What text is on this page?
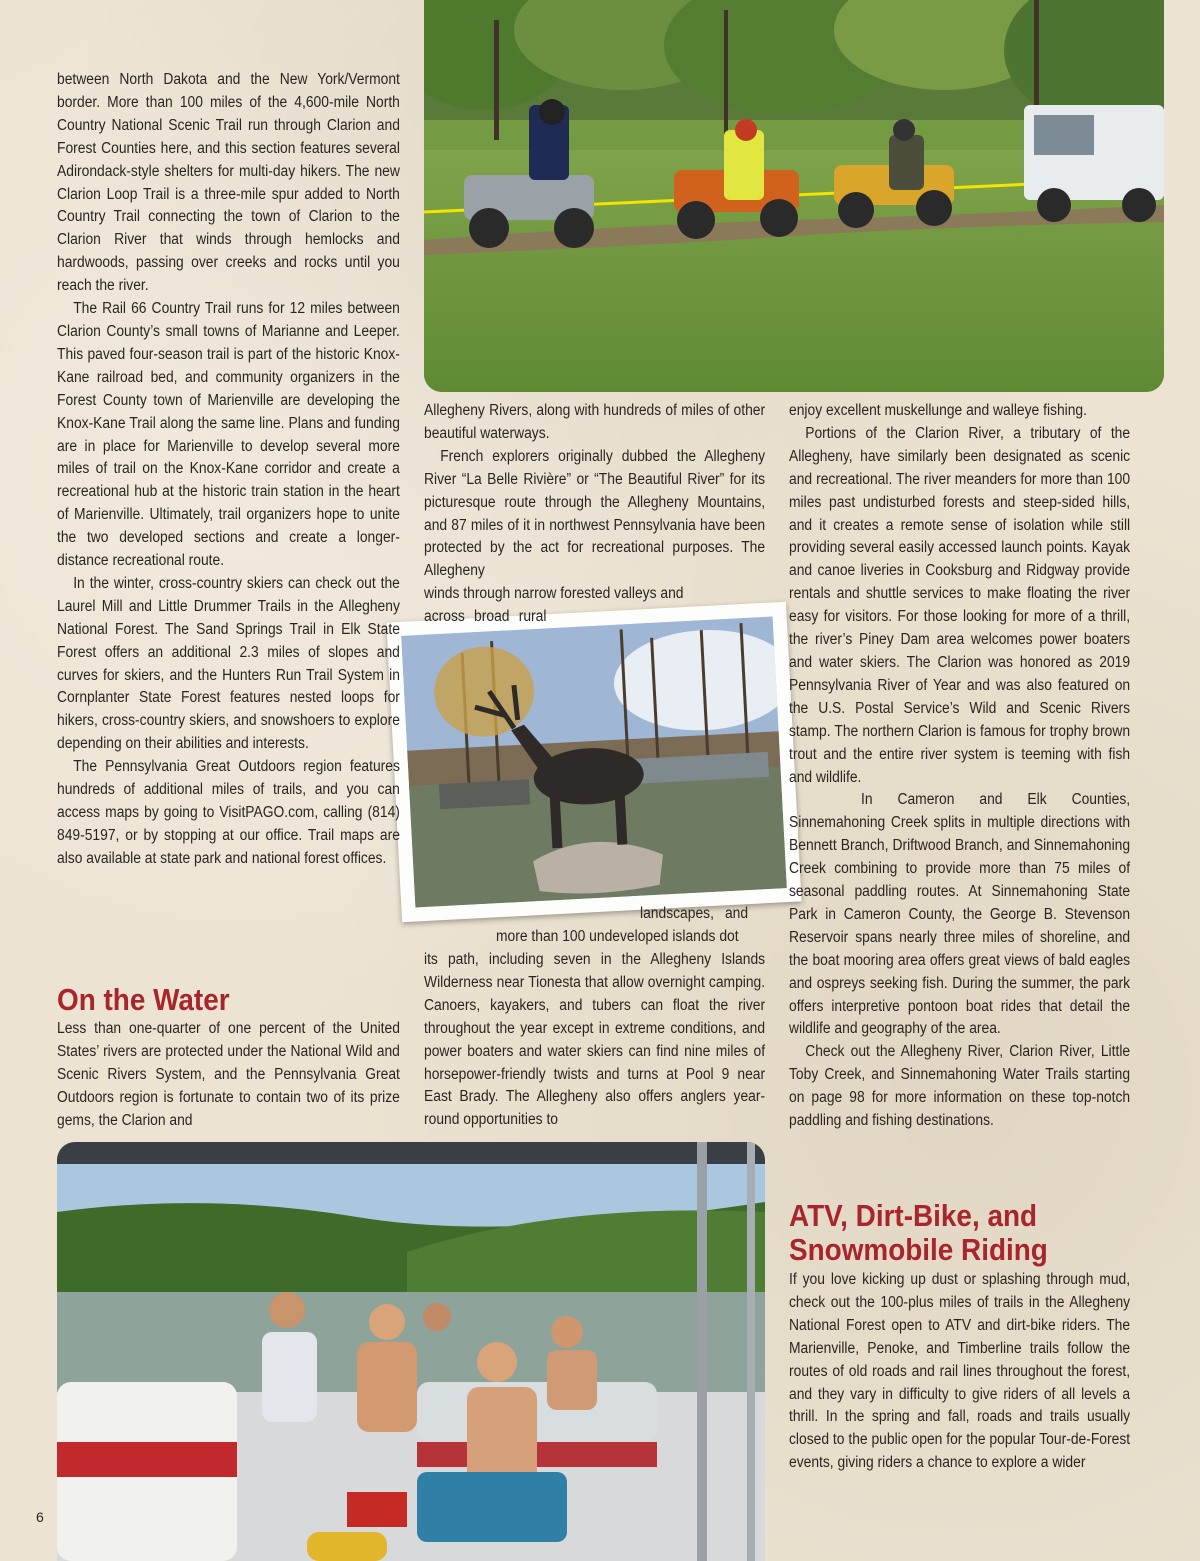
between North Dakota and the New York/Vermont border. More than 100 miles of the 4,600-mile North Country National Scenic Trail run through Clarion and Forest Counties here, and this section features several Adirondack-style shelters for multi-day hikers. The new Clarion Loop Trail is a three-mile spur added to North Country Trail connecting the town of Clarion to the Clarion River that winds through hemlocks and hardwoods, passing over creeks and rocks until you reach the river.

The Rail 66 Country Trail runs for 12 miles between Clarion County’s small towns of Marianne and Leeper. This paved four-season trail is part of the historic Knox-Kane railroad bed, and community organizers in the Forest County town of Marienville are developing the Knox-Kane Trail along the same line. Plans and funding are in place for Marienville to develop several more miles of trail on the Knox-Kane corridor and create a recreational hub at the historic train station in the heart of Marienville. Ultimately, trail organizers hope to unite the two developed sections and create a longer-distance recreational route.

In the winter, cross-country skiers can check out the Laurel Mill and Little Drummer Trails in the Allegheny National Forest. The Sand Springs Trail in Elk State Forest offers an additional 2.3 miles of slopes and curves for skiers, and the Hunters Run Trail System in Cornplanter State Forest features nested loops for hikers, cross-country skiers, and snowshoers to explore depending on their abilities and interests.

The Pennsylvania Great Outdoors region features hundreds of additional miles of trails, and you can access maps by going to VisitPAGO.com, calling (814) 849-5197, or by stopping at our office. Trail maps are also available at state park and national forest offices.

On the Water

Less than one-quarter of one percent of the United States’ rivers are protected under the National Wild and Scenic Rivers System, and the Pennsylvania Great Outdoors region is fortunate to contain two of its prize gems, the Clarion and

Allegheny Rivers, along with hundreds of miles of other beautiful waterways.

French explorers originally dubbed the Allegheny River “La Belle Rivière” or “The Beautiful River” for its picturesque route through the Allegheny Mountains, and 87 miles of it in northwest Pennsylvania have been protected by the act for recreational purposes. The Allegheny

winds through narrow forested valleys and
across broad rural
landscapes, and
more than 100 undeveloped islands dot

its path, including seven in the Allegheny Islands Wilderness near Tionesta that allow overnight camping. Canoers, kayakers, and tubers can float the river throughout the year except in extreme conditions, and power boaters and water skiers can find nine miles of horsepower-friendly twists and turns at Pool 9 near East Brady. The Allegheny also offers anglers year-round opportunities to

enjoy excellent muskellunge and walleye fishing.

Portions of the Clarion River, a tributary of the Allegheny, have similarly been designated as scenic and recreational. The river meanders for more than 100 miles past undisturbed forests and steep-sided hills, and it creates a remote sense of isolation while still providing several easily accessed launch points. Kayak and canoe liveries in Cooksburg and Ridgway provide rentals and shuttle services to make floating the river easy for visitors. For those looking for more of a thrill, the river’s Piney Dam area welcomes power boaters and water skiers. The Clarion was honored as 2019 Pennsylvania River of Year and was also featured on the U.S. Postal Service’s Wild and Scenic Rivers stamp. The northern Clarion is famous for trophy brown trout and the entire river system is teeming with fish and wildlife.

In Cameron and Elk Counties, Sinnemahoning Creek splits in multiple directions with Bennett Branch, Driftwood Branch, and Sinnemahoning Creek combining to provide more than 75 miles of seasonal paddling routes. At Sinnemahoning State Park in Cameron County, the George B. Stevenson Reservoir spans nearly three miles of shoreline, and the boat mooring area offers great views of bald eagles and ospreys seeking fish. During the summer, the park offers interpretive pontoon boat rides that detail the wildlife and geography of the area.

Check out the Allegheny River, Clarion River, Little Toby Creek, and Sinnemahoning Water Trails starting on page 98 for more information on these top-notch paddling and fishing destinations.

ATV, Dirt-Bike, and
Snowmobile Riding

If you love kicking up dust or splashing through mud, check out the 100-plus miles of trails in the Allegheny National Forest open to ATV and dirt-bike riders. The Marienville, Penoke, and Timberline trails follow the routes of old roads and rail lines throughout the forest, and they vary in difficulty to give riders of all levels a thrill. In the spring and fall, roads and trails usually closed to the public open for the popular Tour-de-Forest events, giving riders a chance to explore a wider

6
